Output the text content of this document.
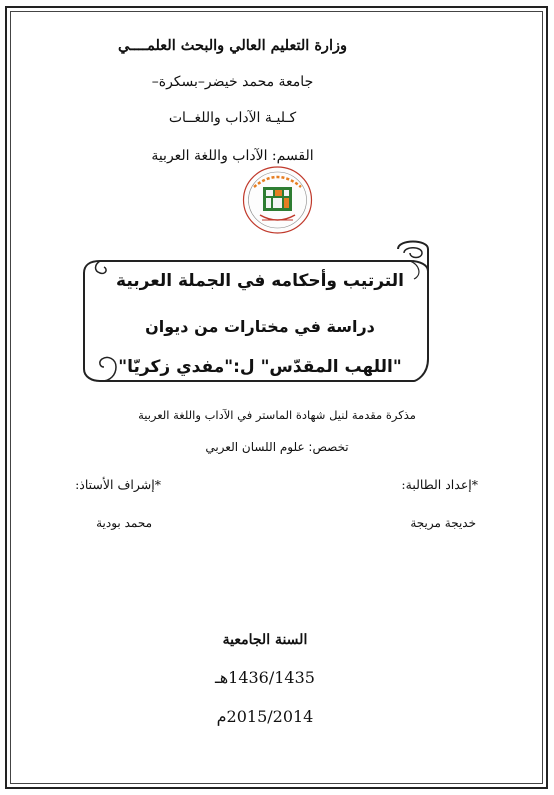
وزارة التعليم العالي والبحث العلمــــي
جامعة محمد خيضر–بسكرة–
كـليـة الآداب واللغــات
القسم: الآداب واللغة العربية
الترتيب وأحكامه في الجملة العربية
دراسة في مختارات من ديوان
"اللهب المقدّس" ل:"مفدي زكريّا"
مذكرة مقدمة لنيل شهادة الماستر في الآداب واللغة العربية
تخصص: علوم اللسان العربي
*إعداد الطالبة:
*إشراف الأستاذ:
خديجة مريجة
محمد بودية
السنة الجامعية
1436/1435هـ
2015/2014م
